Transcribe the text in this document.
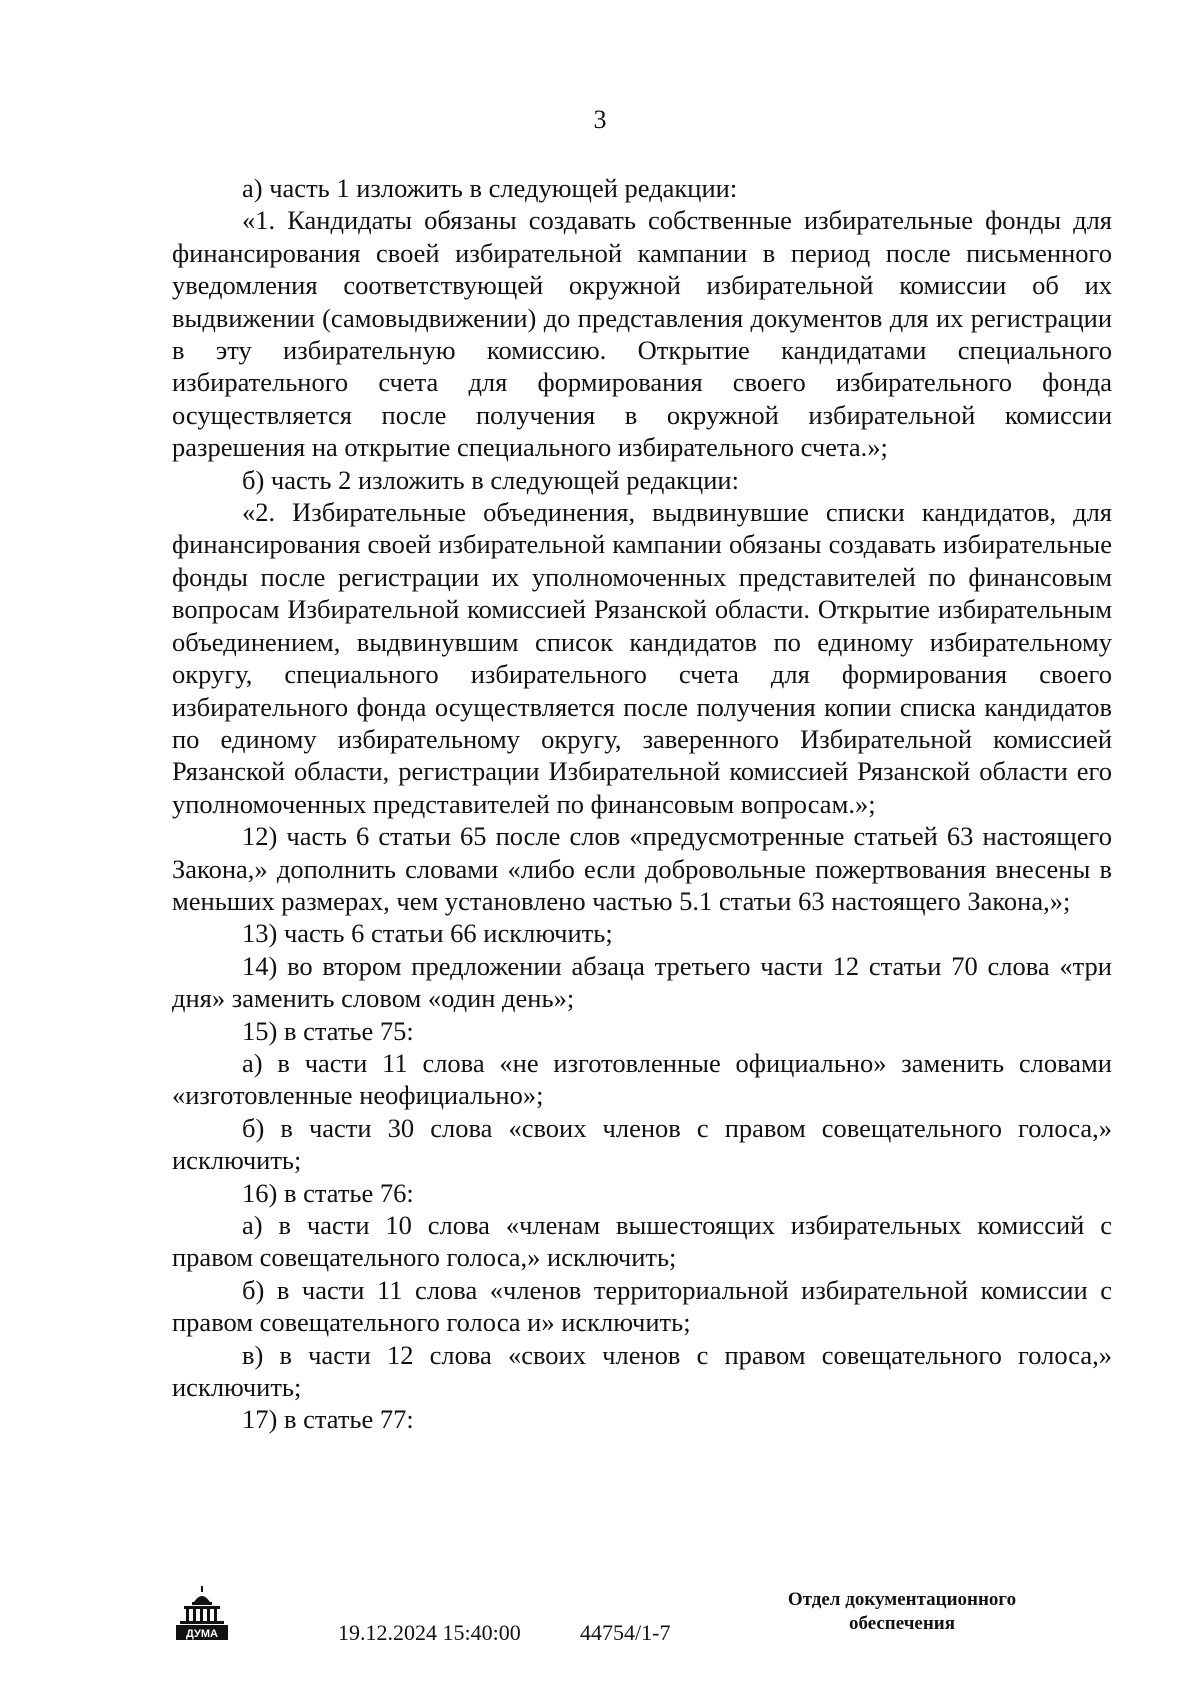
3

а) часть 1 изложить в следующей редакции:

«1. Кандидаты обязаны создавать собственные избирательные фонды для финансирования своей избирательной кампании в период после письменного уведомления соответствующей окружной избирательной комиссии об их выдвижении (самовыдвижении) до представления документов для их регистрации в эту избирательную комиссию. Открытие кандидатами специального избирательного счета для формирования своего избирательного фонда осуществляется после получения в окружной избирательной комиссии разрешения на открытие специального избирательного счета.»;

б) часть 2 изложить в следующей редакции:

«2. Избирательные объединения, выдвинувшие списки кандидатов, для финансирования своей избирательной кампании обязаны создавать избирательные фонды после регистрации их уполномоченных представителей по финансовым вопросам Избирательной комиссией Рязанской области. Открытие избирательным объединением, выдвинувшим список кандидатов по единому избирательному округу, специального избирательного счета для формирования своего избирательного фонда осуществляется после получения копии списка кандидатов по единому избирательному округу, заверенного Избирательной комиссией Рязанской области, регистрации Избирательной комиссией Рязанской области его уполномоченных представителей по финансовым вопросам.»;

12) часть 6 статьи 65 после слов «предусмотренные статьей 63 настоящего Закона,» дополнить словами «либо если добровольные пожертвования внесены в меньших размерах, чем установлено частью 5.1 статьи 63 настоящего Закона,»;

13) часть 6 статьи 66 исключить;

14) во втором предложении абзаца третьего части 12 статьи 70 слова «три дня» заменить словом «один день»;

15) в статье 75:

а) в части 11 слова «не изготовленные официально» заменить словами «изготовленные неофициально»;

б) в части 30 слова «своих членов с правом совещательного голоса,» исключить;

16) в статье 76:

а) в части 10 слова «членам вышестоящих избирательных комиссий с правом совещательного голоса,» исключить;

б) в части 11 слова «членов территориальной избирательной комиссии с правом совещательного голоса и» исключить;

в) в части 12 слова «своих членов с правом совещательного голоса,» исключить;

17) в статье 77:

ДУМА	19.12.2024 15:40:00	44754/1-7
Отдел документационного
обеспечения
